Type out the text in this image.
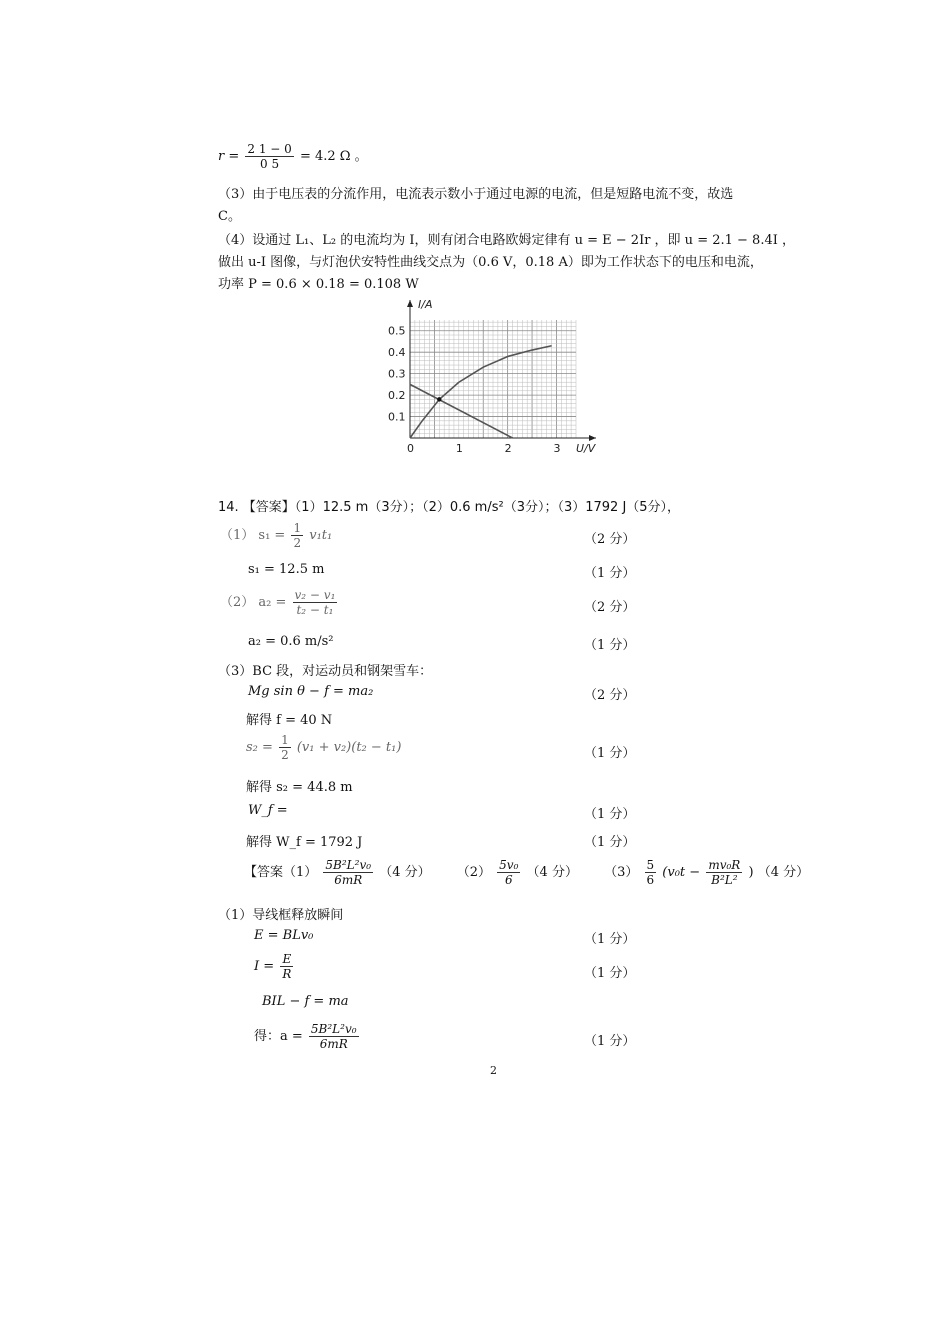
$r = \frac{2 1 - 0}{0 5} = 4.2$ Ω 。
（3）由于电压表的分流作用，电流表示数小于通过电源的电流，但是短路电流不变，故选
C。
（4）设通过 L₁、L₂ 的电流均为 I，则有闭合电路欧姆定律有 u = E − 2Ir ，即 u = 2.1 − 8.4I ，
做出 u-I 图像，与灯泡伏安特性曲线交点为（0.6 V，0.18 A）即为工作状态下的电压和电流，
功率 P = 0.6 × 0.18 = 0.108 W
0	1	2	3
0.1
0.2
0.3
0.4
0.5
I/A
U/V
14. 【答案】（1）12.5 m（3分）；（2）0.6 m/s²（3分）；（3）1792 J（5分），
（1） $s_1 = \frac{1}{2} v_1t_1$	（2 分）
s₁ = 12.5 m	（1 分）
（2） $a_2 = \frac{\text{v₂ − v₁}}{\text{t₂ − t₁}}$	（2 分）
a₂ = 0.6 m/s²	（1 分）
（3）BC 段，对运动员和钢架雪车：
Mg sin θ − f = ma₂	（2 分）
解得 f = 40 N
$s_2 = \frac{1}{2} (v_1 + v_2)(t_2 - t_1)$	（1 分）
解得 s₂ = 44.8 m
W_f =	（1 分）
解得 W_f = 1792 J	（1 分）
【答案$(1) \frac{\text{5B²L²v₀}}{6mR} (4$ 分） $(2) \frac{\text{5v₀}}{6} (4$ 分） $(3) \frac{5}{6} (v_0t - \frac{\text{mv₀R}}{\text{B²L²}}$ ) （4 分）
（1）导线框释放瞬间
E = BLv₀	（1 分）
$I = \frac{E}{R}$	（1 分）
BIL − f = ma
得：$a = \frac{\text{5B²L²v₀}}{6mR}$	（1 分）
2
